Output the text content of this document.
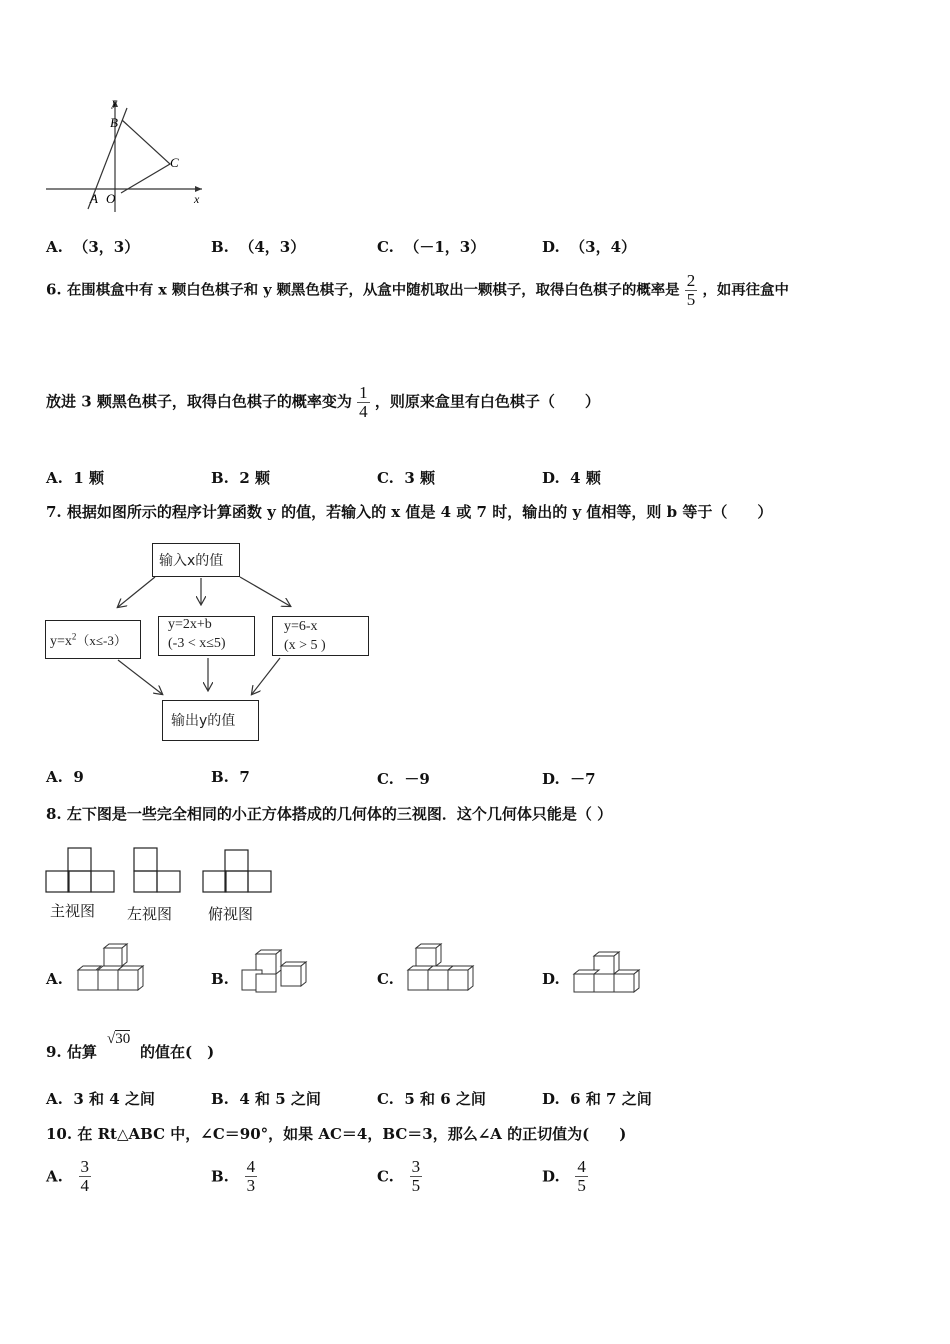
y
B
C
A O	x
A. （3，3）	B. （4，3）	C. （－1，3）	D. （3，4）
6. 在围棋盒中有 x 颗白色棋子和 y 颗黑色棋子，从盒中随机取出一颗棋子，取得白色棋子的概率是 $\frac{2}{5}$ ，如再往盒中
放进 3 颗黑色棋子，取得白色棋子的概率变为 $\frac{1}{4}$ ，则原来盒里有白色棋子（　　）
A. 1 颗	B. 2 颗	C. 3 颗	D. 4 颗
7. 根据如图所示的程序计算函数 y 的值，若输入的 x 值是 4 或 7 时，输出的 y 值相等，则 b 等于（　　）
输入x的值
$y=x^2(x\le-3)$
y=2x+b
(-3 < x≤5)
y=6-x
(x > 5 )
输出y的值
A. 9	B. 7	C. －9	D. －7
8. 左下图是一些完全相同的小正方体搭成的几何体的三视图．这个几何体只能是（ ）
主视图 左视图 俯视图
A.	B.	C.	D.
9. 估算
√30
的值在(　)
A. 3 和 4 之间	B. 4 和 5 之间	C. 5 和 6 之间	D. 6 和 7 之间
10. 在 Rt△ABC 中，∠C＝90°，如果 AC＝4，BC＝3，那么∠A 的正切值为(　　)
A. $\frac{3}{4}$	B. $\frac{4}{3}$	C. $\frac{3}{5}$	D. $\frac{4}{5}$
